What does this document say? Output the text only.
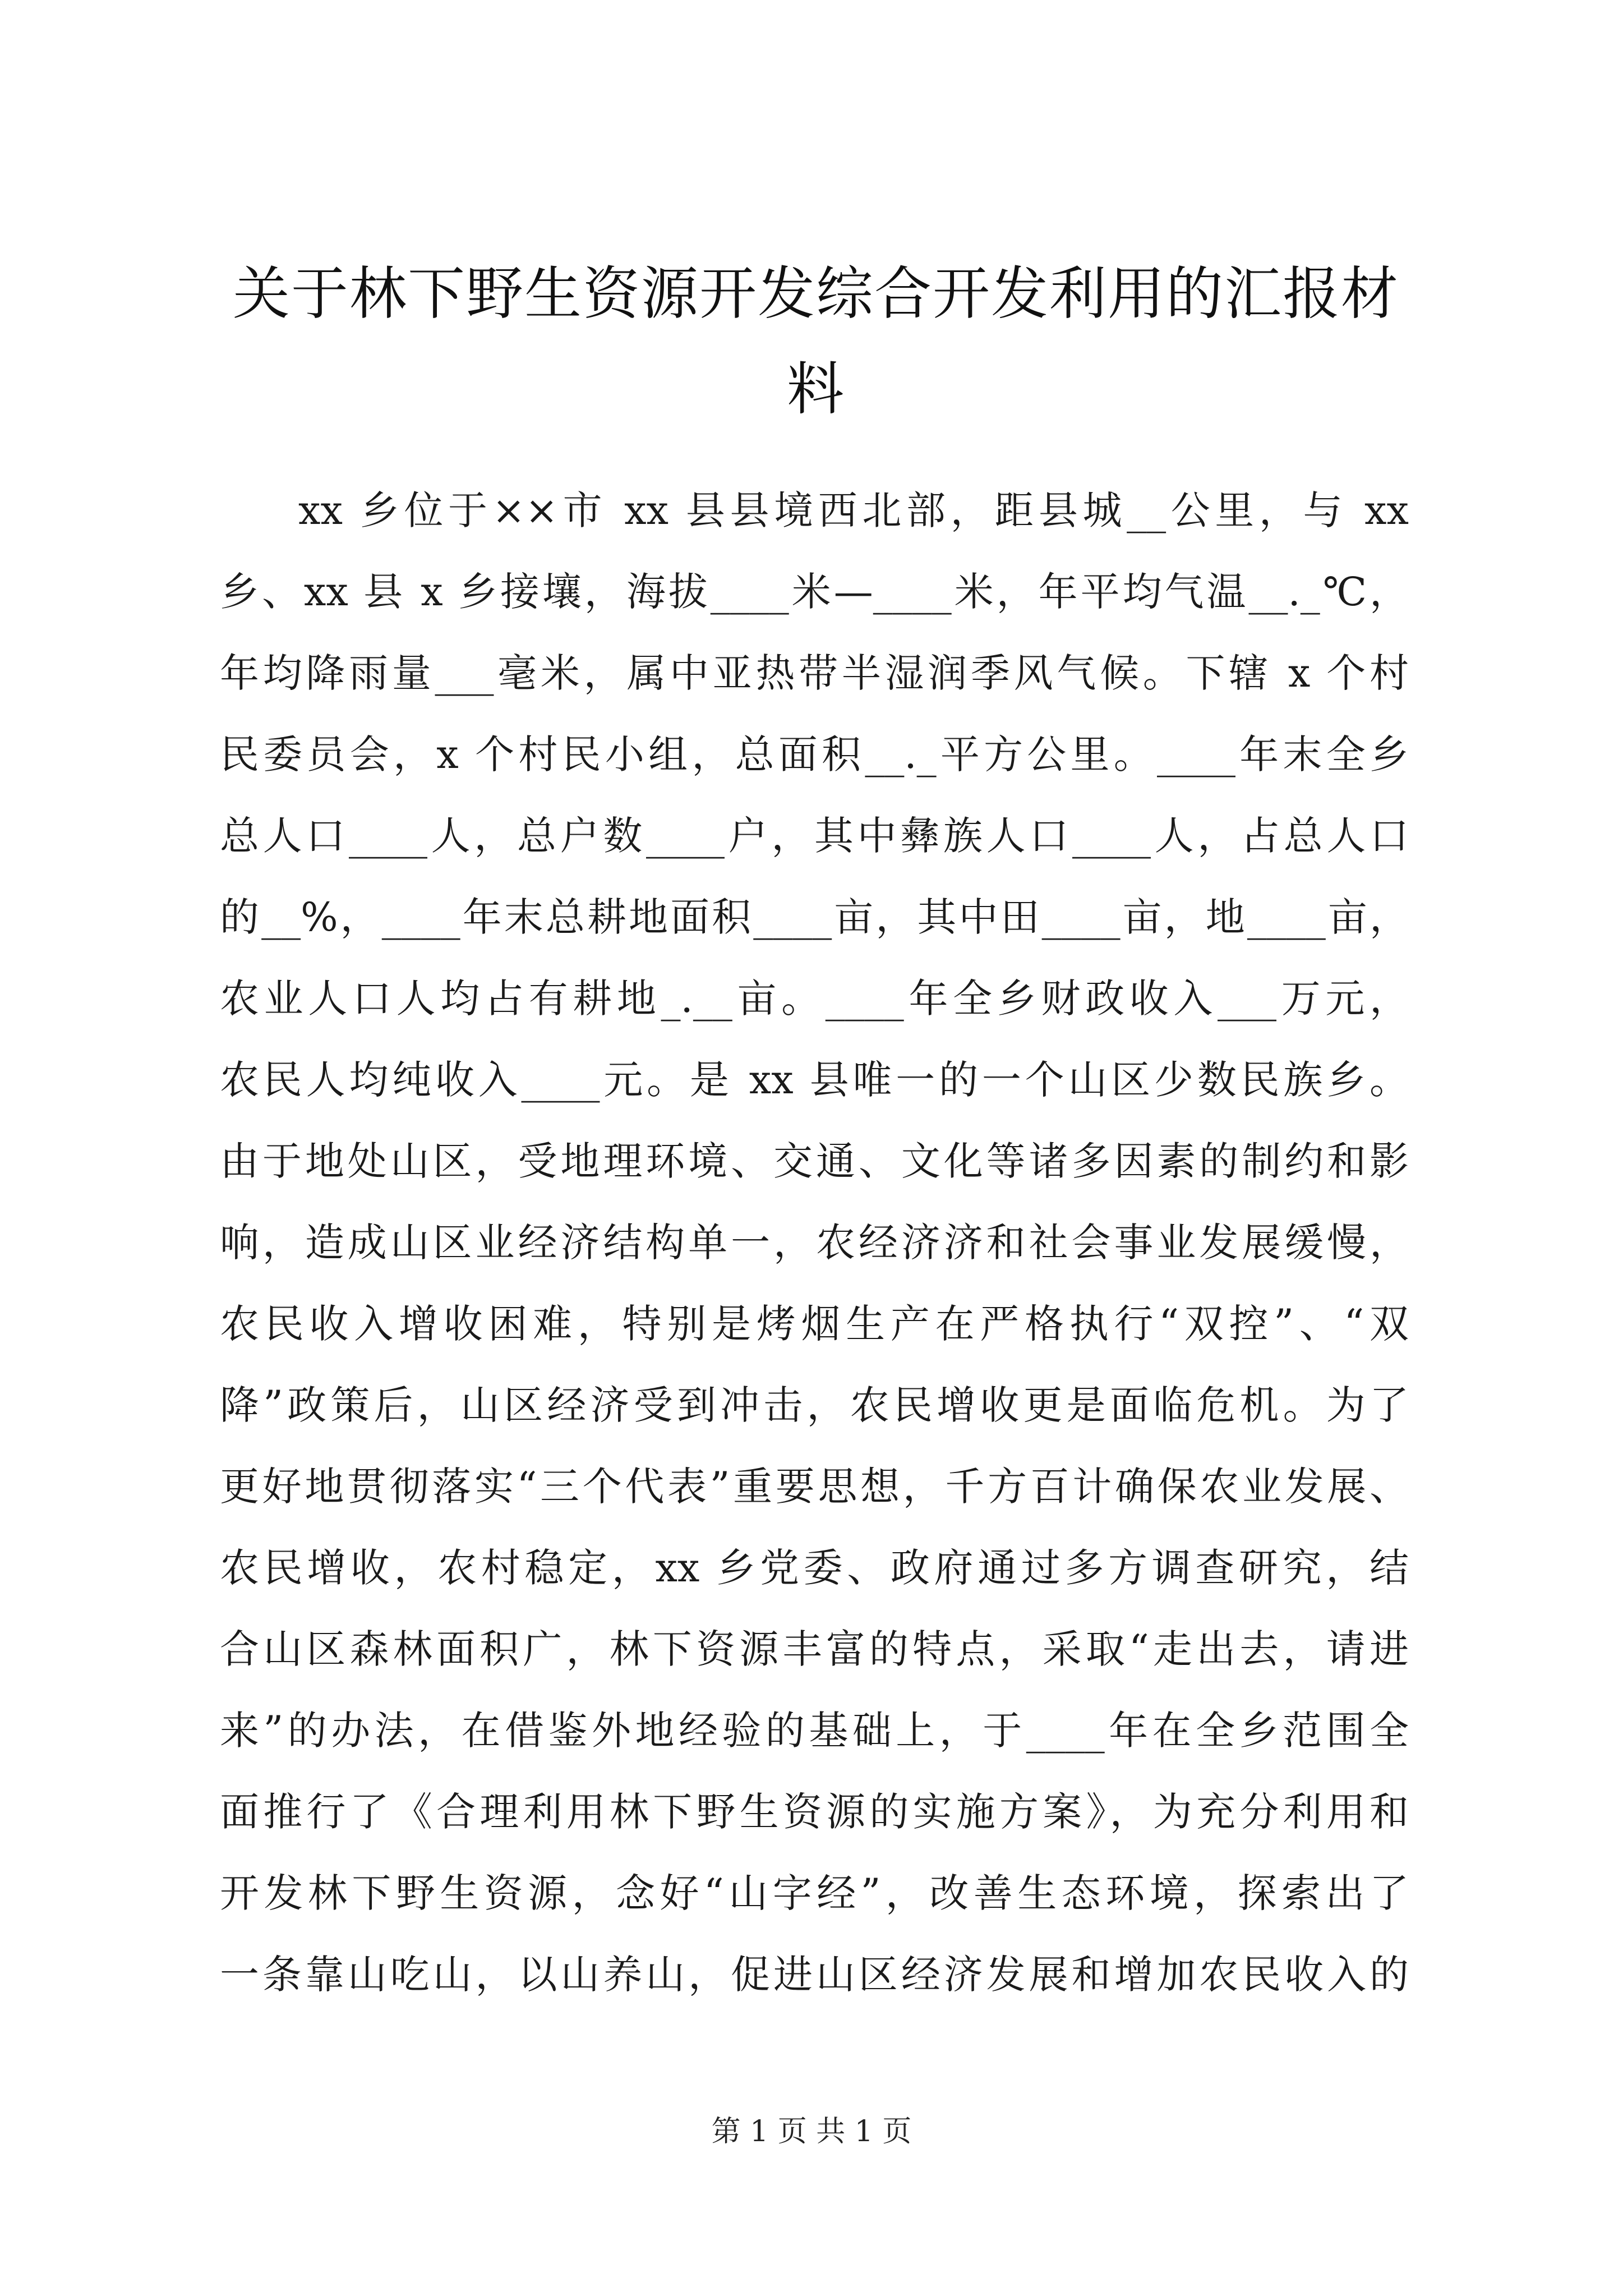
关于林下野生资源开发综合开发利用的汇报材
料
xx 乡位于××市 xx 县县境西北部，距县城__公里，与 xx
乡、xx 县 x 乡接壤，海拔____米—____米，年平均气温__._℃，
年均降雨量___毫米，属中亚热带半湿润季风气候。下辖 x 个村
民委员会，x 个村民小组，总面积__._平方公里。____年末全乡
总人口____人，总户数____户，其中彝族人口____人，占总人口
的__%，____年末总耕地面积____亩，其中田____亩，地____亩，
农业人口人均占有耕地_.__亩。____年全乡财政收入___万元，
农民人均纯收入____元。是 xx 县唯一的一个山区少数民族乡。
由于地处山区，受地理环境、交通、文化等诸多因素的制约和影
响，造成山区业经济结构单一，农经济济和社会事业发展缓慢，
农民收入增收困难，特别是烤烟生产在严格执行“双控”、“双
降”政策后，山区经济受到冲击，农民增收更是面临危机。为了
更好地贯彻落实“三个代表”重要思想，千方百计确保农业发展、
农民增收，农村稳定，xx 乡党委、政府通过多方调查研究，结
合山区森林面积广，林下资源丰富的特点，采取“走出去，请进
来”的办法，在借鉴外地经验的基础上，于____年在全乡范围全
面推行了《合理利用林下野生资源的实施方案》，为充分利用和
开发林下野生资源，念好“山字经”，改善生态环境，探索出了
一条靠山吃山，以山养山，促进山区经济发展和增加农民收入的
第 1 页 共 1 页
